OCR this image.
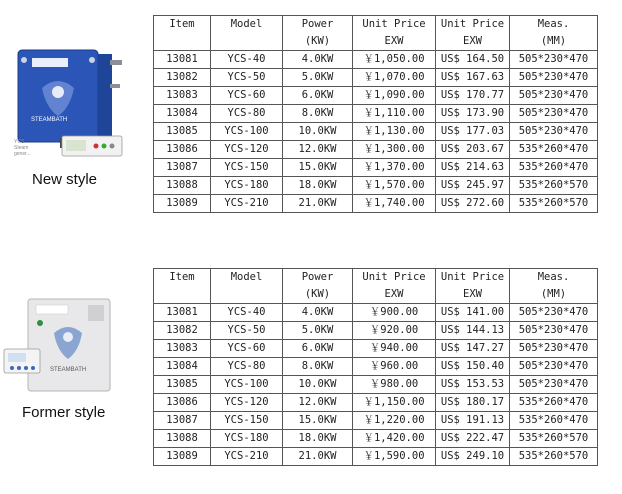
STEAMBATH
YCS Steam gener...
New style
Item	Model	Power	Unit Price	Unit Price	Meas.
		(KW)	EXW	EXW	(MM)
13081	YCS-40	4.0KW	￥1,050.00	US$ 164.50	505*230*470
13082	YCS-50	5.0KW	￥1,070.00	US$ 167.63	505*230*470
13083	YCS-60	6.0KW	￥1,090.00	US$ 170.77	505*230*470
13084	YCS-80	8.0KW	￥1,110.00	US$ 173.90	505*230*470
13085	YCS-100	10.0KW	￥1,130.00	US$ 177.03	505*230*470
13086	YCS-120	12.0KW	￥1,300.00	US$ 203.67	535*260*470
13087	YCS-150	15.0KW	￥1,370.00	US$ 214.63	535*260*470
13088	YCS-180	18.0KW	￥1,570.00	US$ 245.97	535*260*570
13089	YCS-210	21.0KW	￥1,740.00	US$ 272.60	535*260*570
STEAMBATH
Former style
Item	Model	Power	Unit Price	Unit Price	Meas.
		(KW)	EXW	EXW	(MM)
13081	YCS-40	4.0KW	￥900.00	US$ 141.00	505*230*470
13082	YCS-50	5.0KW	￥920.00	US$ 144.13	505*230*470
13083	YCS-60	6.0KW	￥940.00	US$ 147.27	505*230*470
13084	YCS-80	8.0KW	￥960.00	US$ 150.40	505*230*470
13085	YCS-100	10.0KW	￥980.00	US$ 153.53	505*230*470
13086	YCS-120	12.0KW	￥1,150.00	US$ 180.17	535*260*470
13087	YCS-150	15.0KW	￥1,220.00	US$ 191.13	535*260*470
13088	YCS-180	18.0KW	￥1,420.00	US$ 222.47	535*260*570
13089	YCS-210	21.0KW	￥1,590.00	US$ 249.10	535*260*570
